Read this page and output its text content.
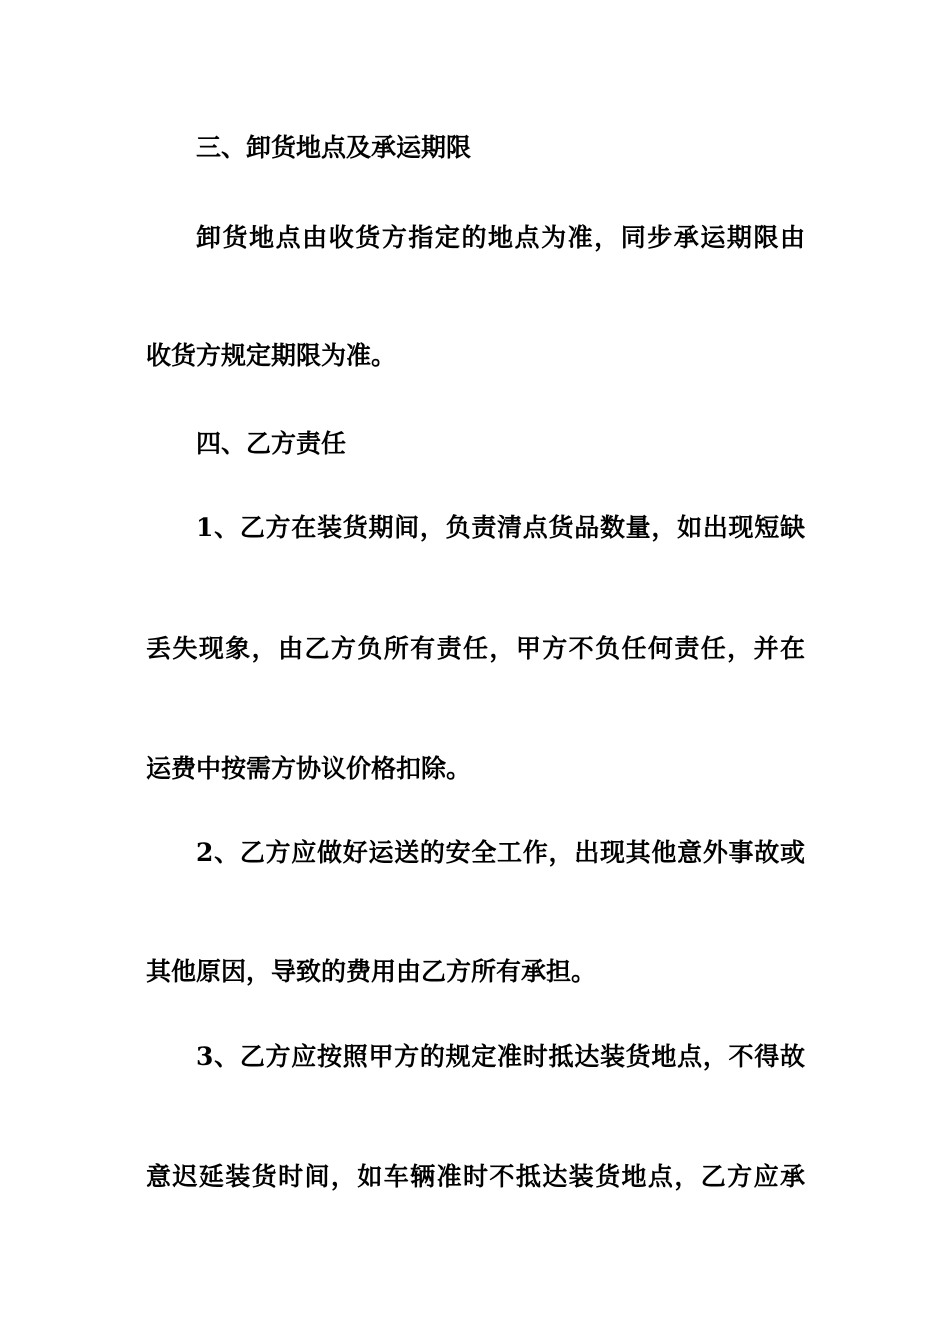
三、卸货地点及承运期限
卸货地点由收货方指定的地点为准，同步承运期限由
收货方规定期限为准。
四、乙方责任
1、乙方在装货期间，负责清点货品数量，如出现短缺
丢失现象，由乙方负所有责任，甲方不负任何责任，并在
运费中按需方协议价格扣除。
2、乙方应做好运送的安全工作，出现其他意外事故或
其他原因，导致的费用由乙方所有承担。
3、乙方应按照甲方的规定准时抵达装货地点，不得故
意迟延装货时间，如车辆准时不抵达装货地点，乙方应承
